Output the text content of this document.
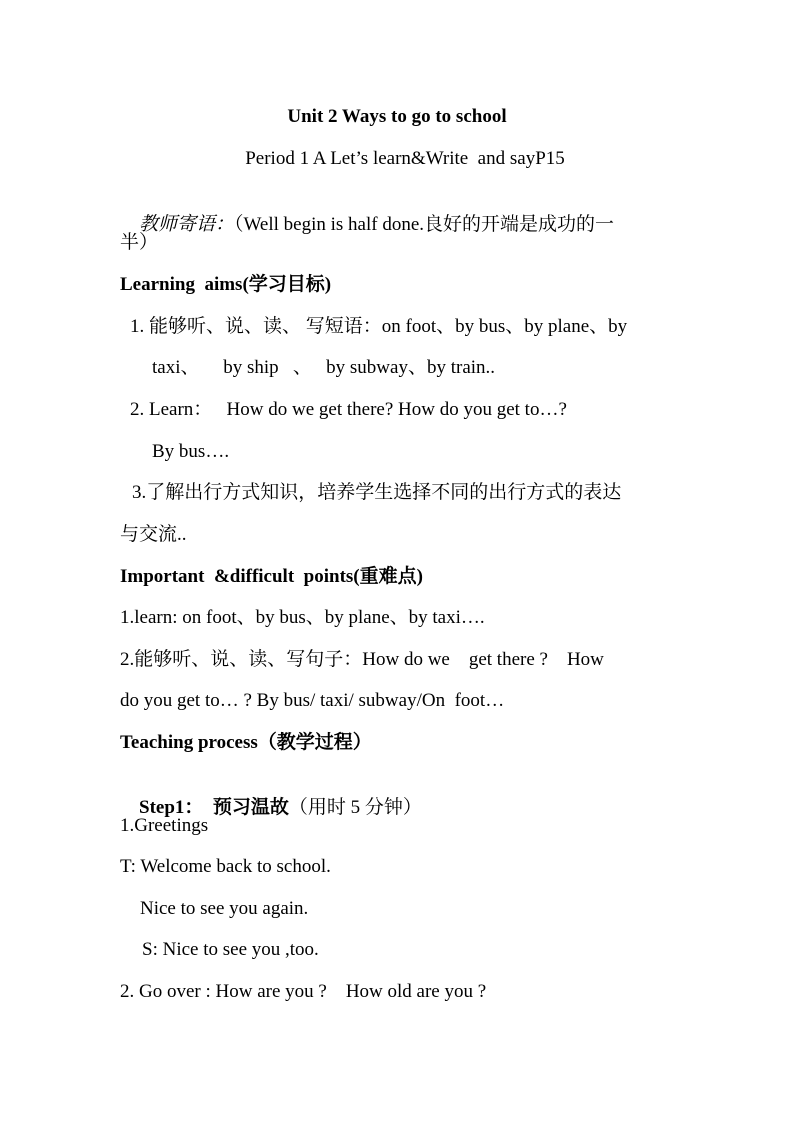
Unit 2 Ways to go to school
Period 1 A Let’s learn&Write  and sayP15

教师寄语：（Well begin is half done.良好的开端是成功的一

半）
Learning  aims(学习目标)
1. 能够听、说、读、 写短语：on foot、by bus、by plane、by
taxi、     by ship   、   by subway、by train..
2. Learn：   How do we get there? How do you get to…?
By bus….
3.了解出行方式知识，培养学生选择不同的出行方式的表达
与交流..
Important  &difficult  points(重难点)
1.learn: on foot、by bus、by plane、by taxi….
2.能够听、说、读、写句子：How do we    get there ?    How
do you get to… ? By bus/ taxi/ subway/On  foot…
Teaching process（教学过程）

Step1：  预习温故（用时 5 分钟）

1.Greetings
T: Welcome back to school.
Nice to see you again.
S: Nice to see you ,too.
2. Go over : How are you ?    How old are you ?
